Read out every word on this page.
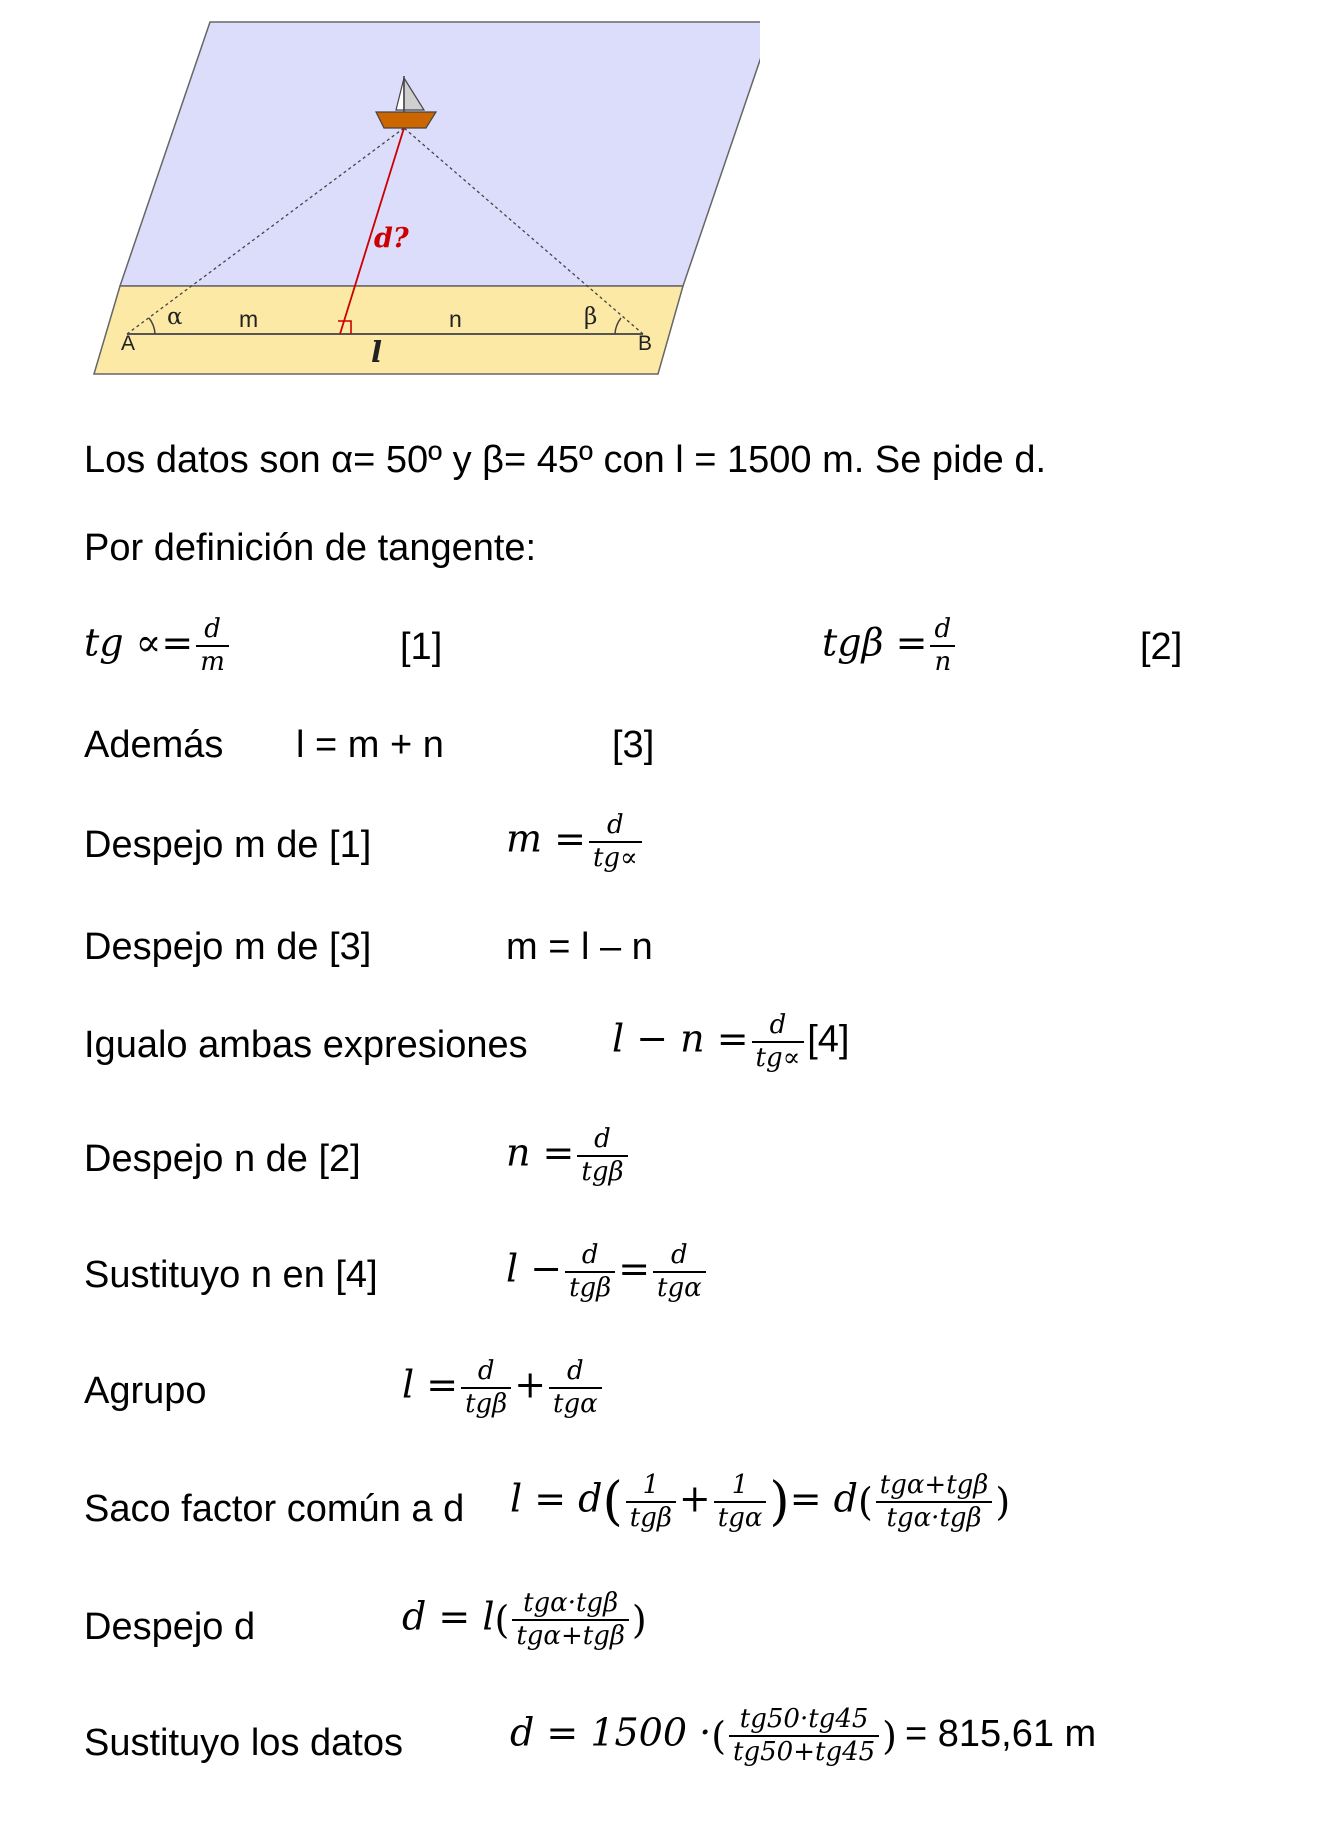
d?
α m	n	β
A	B
l
Los datos son α= 50º y β= 45º con l = 1500 m. Se pide d.
Por definición de tangente:
tg ∝= $\frac{d}{m}$	[1]	$tg\beta = \frac{d}{n}$	[2]
Además l = m + n	[3]
Despejo m de [1]	$m = \frac{d}{tg\propto}$
Despejo m de [3]	m = l – n
Igualo ambas expresiones $l - n = \frac{d}{tg\propto} [4]$
Despejo n de [2]	$n = \frac{d}{\text{tgβ}}$
Sustituyo n en [4]	$l - \frac{d}{\text{tgβ}} = \frac{d}{\text{tgα}}$
Agrupo	$l = \frac{d}{\text{tgβ}} + \frac{d}{\text{tgα}}$
Saco factor común a d $l = d( \frac{1}{\text{tgβ}} + \frac{1}{\text{tgα}}$ )= $d( \frac{\text{tgα+tgβ}}{\text{tgα·tgβ}}$ )
Despejo d	$d = l( \frac{\text{tgα·tgβ}}{\text{tgα+tgβ}}$ )
Sustituyo los datos	d = 1500 ·( $\frac{tg50\cdot tg45}{tg50+tg45}$ ) = 815,61 m
